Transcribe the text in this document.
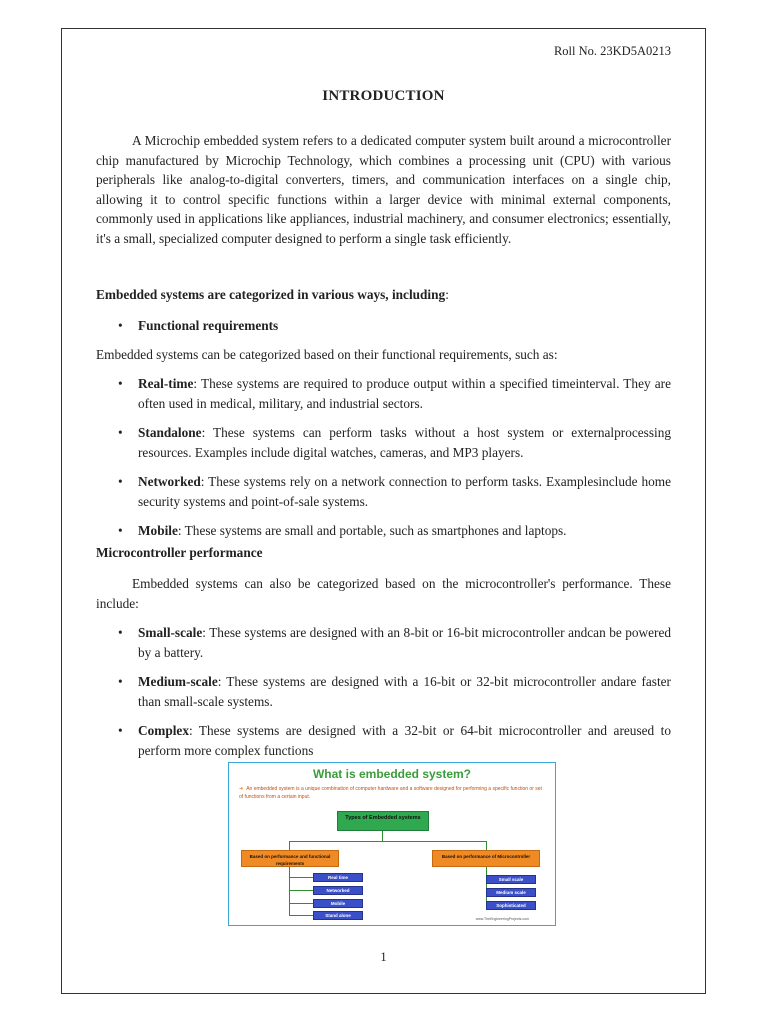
Roll No. 23KD5A0213
INTRODUCTION

A Microchip embedded system refers to a dedicated computer system built around a microcontroller chip manufactured by Microchip Technology, which combines a processing unit (CPU) with various peripherals like analog-to-digital converters, timers, and communication interfaces on a single chip, allowing it to control specific functions within a larger device with minimal external components, commonly used in applications like appliances, industrial machinery, and consumer electronics; essentially, it's a small, specialized computer designed to perform a single task efficiently.

Embedded systems are categorized in various ways, including:
• Functional requirements

Embedded systems can be categorized based on their functional requirements, such as:

• Real-time: These systems are required to produce output within a specified timeinterval. They are often used in medical, military, and industrial sectors.
• Standalone: These systems can perform tasks without a host system or externalprocessing resources. Examples include digital watches, cameras, and MP3 players.
• Networked: These systems rely on a network connection to perform tasks. Examplesinclude home security systems and point-of-sale systems.
• Mobile: These systems are small and portable, such as smartphones and laptops.
Microcontroller performance

Embedded systems can also be categorized based on the microcontroller's performance. These include:

• Small-scale: These systems are designed with an 8-bit or 16-bit microcontroller andcan be powered by a battery.
• Medium-scale: These systems are designed with a 16-bit or 32-bit microcontroller andare faster than small-scale systems.
• Complex: These systems are designed with a 32-bit or 64-bit microcontroller and areused to perform more complex functions
1
What is embedded system?
➜ An embedded system is a unique combination of computer hardware and a software designed for performing a specific function or set of functions from a certain input.
Types of Embedded systems
Based on performance and functional requirements
Based on performance of Microcontroller
Real time
Networked
Mobile
Stand alone
Small scale
Medium scale
Sophisticated
www.TheEngineeringProjects.com
